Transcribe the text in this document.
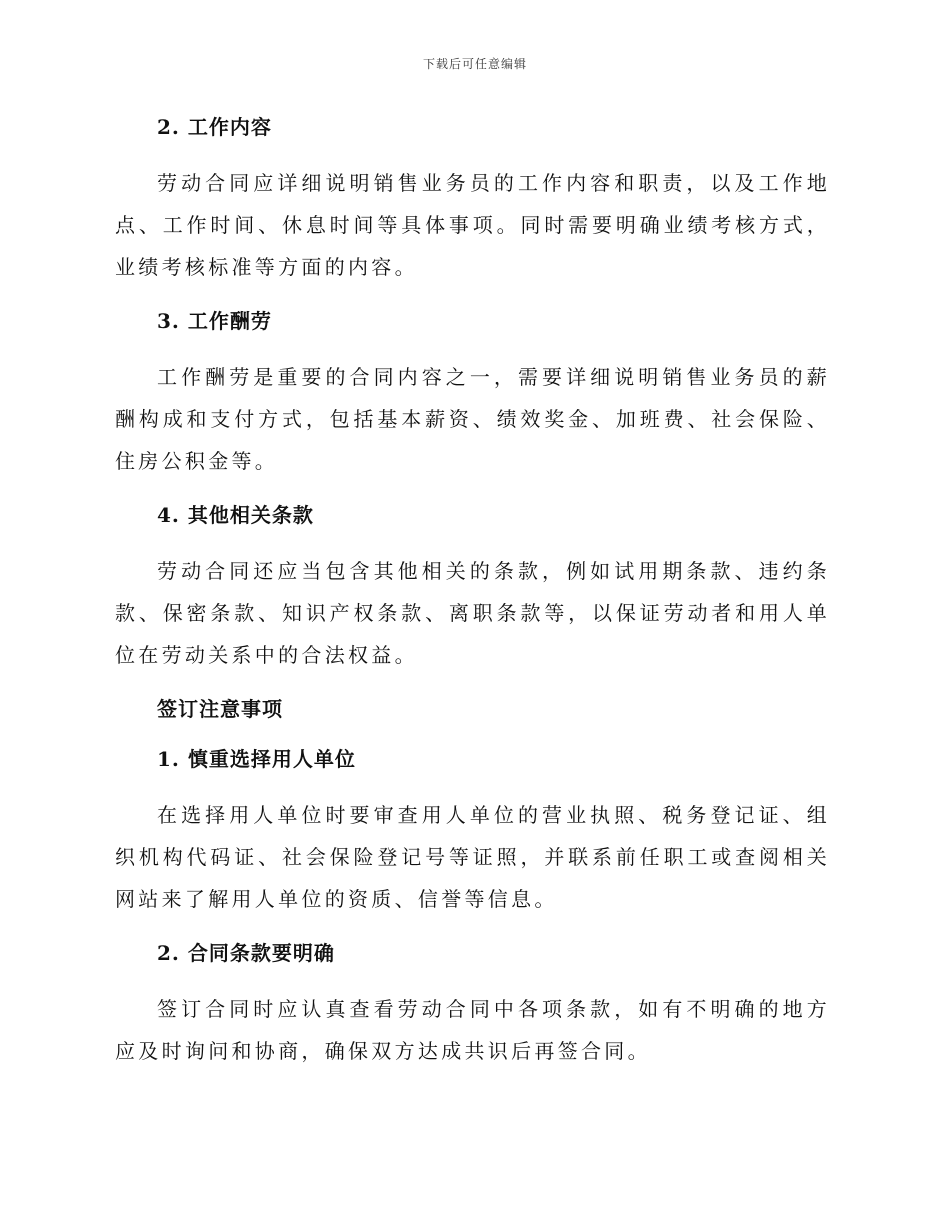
下载后可任意编辑
2. 工作内容

劳动合同应详细说明销售业务员的工作内容和职责，以及工作地点、工作时间、休息时间等具体事项。同时需要明确业绩考核方式，业绩考核标准等方面的内容。

3. 工作酬劳

工作酬劳是重要的合同内容之一，需要详细说明销售业务员的薪酬构成和支付方式，包括基本薪资、绩效奖金、加班费、社会保险、住房公积金等。

4. 其他相关条款

劳动合同还应当包含其他相关的条款，例如试用期条款、违约条款、保密条款、知识产权条款、离职条款等，以保证劳动者和用人单位在劳动关系中的合法权益。

签订注意事项
1. 慎重选择用人单位

在选择用人单位时要审查用人单位的营业执照、税务登记证、组织机构代码证、社会保险登记号等证照，并联系前任职工或查阅相关网站来了解用人单位的资质、信誉等信息。

2. 合同条款要明确

签订合同时应认真查看劳动合同中各项条款，如有不明确的地方应及时询问和协商，确保双方达成共识后再签合同。
